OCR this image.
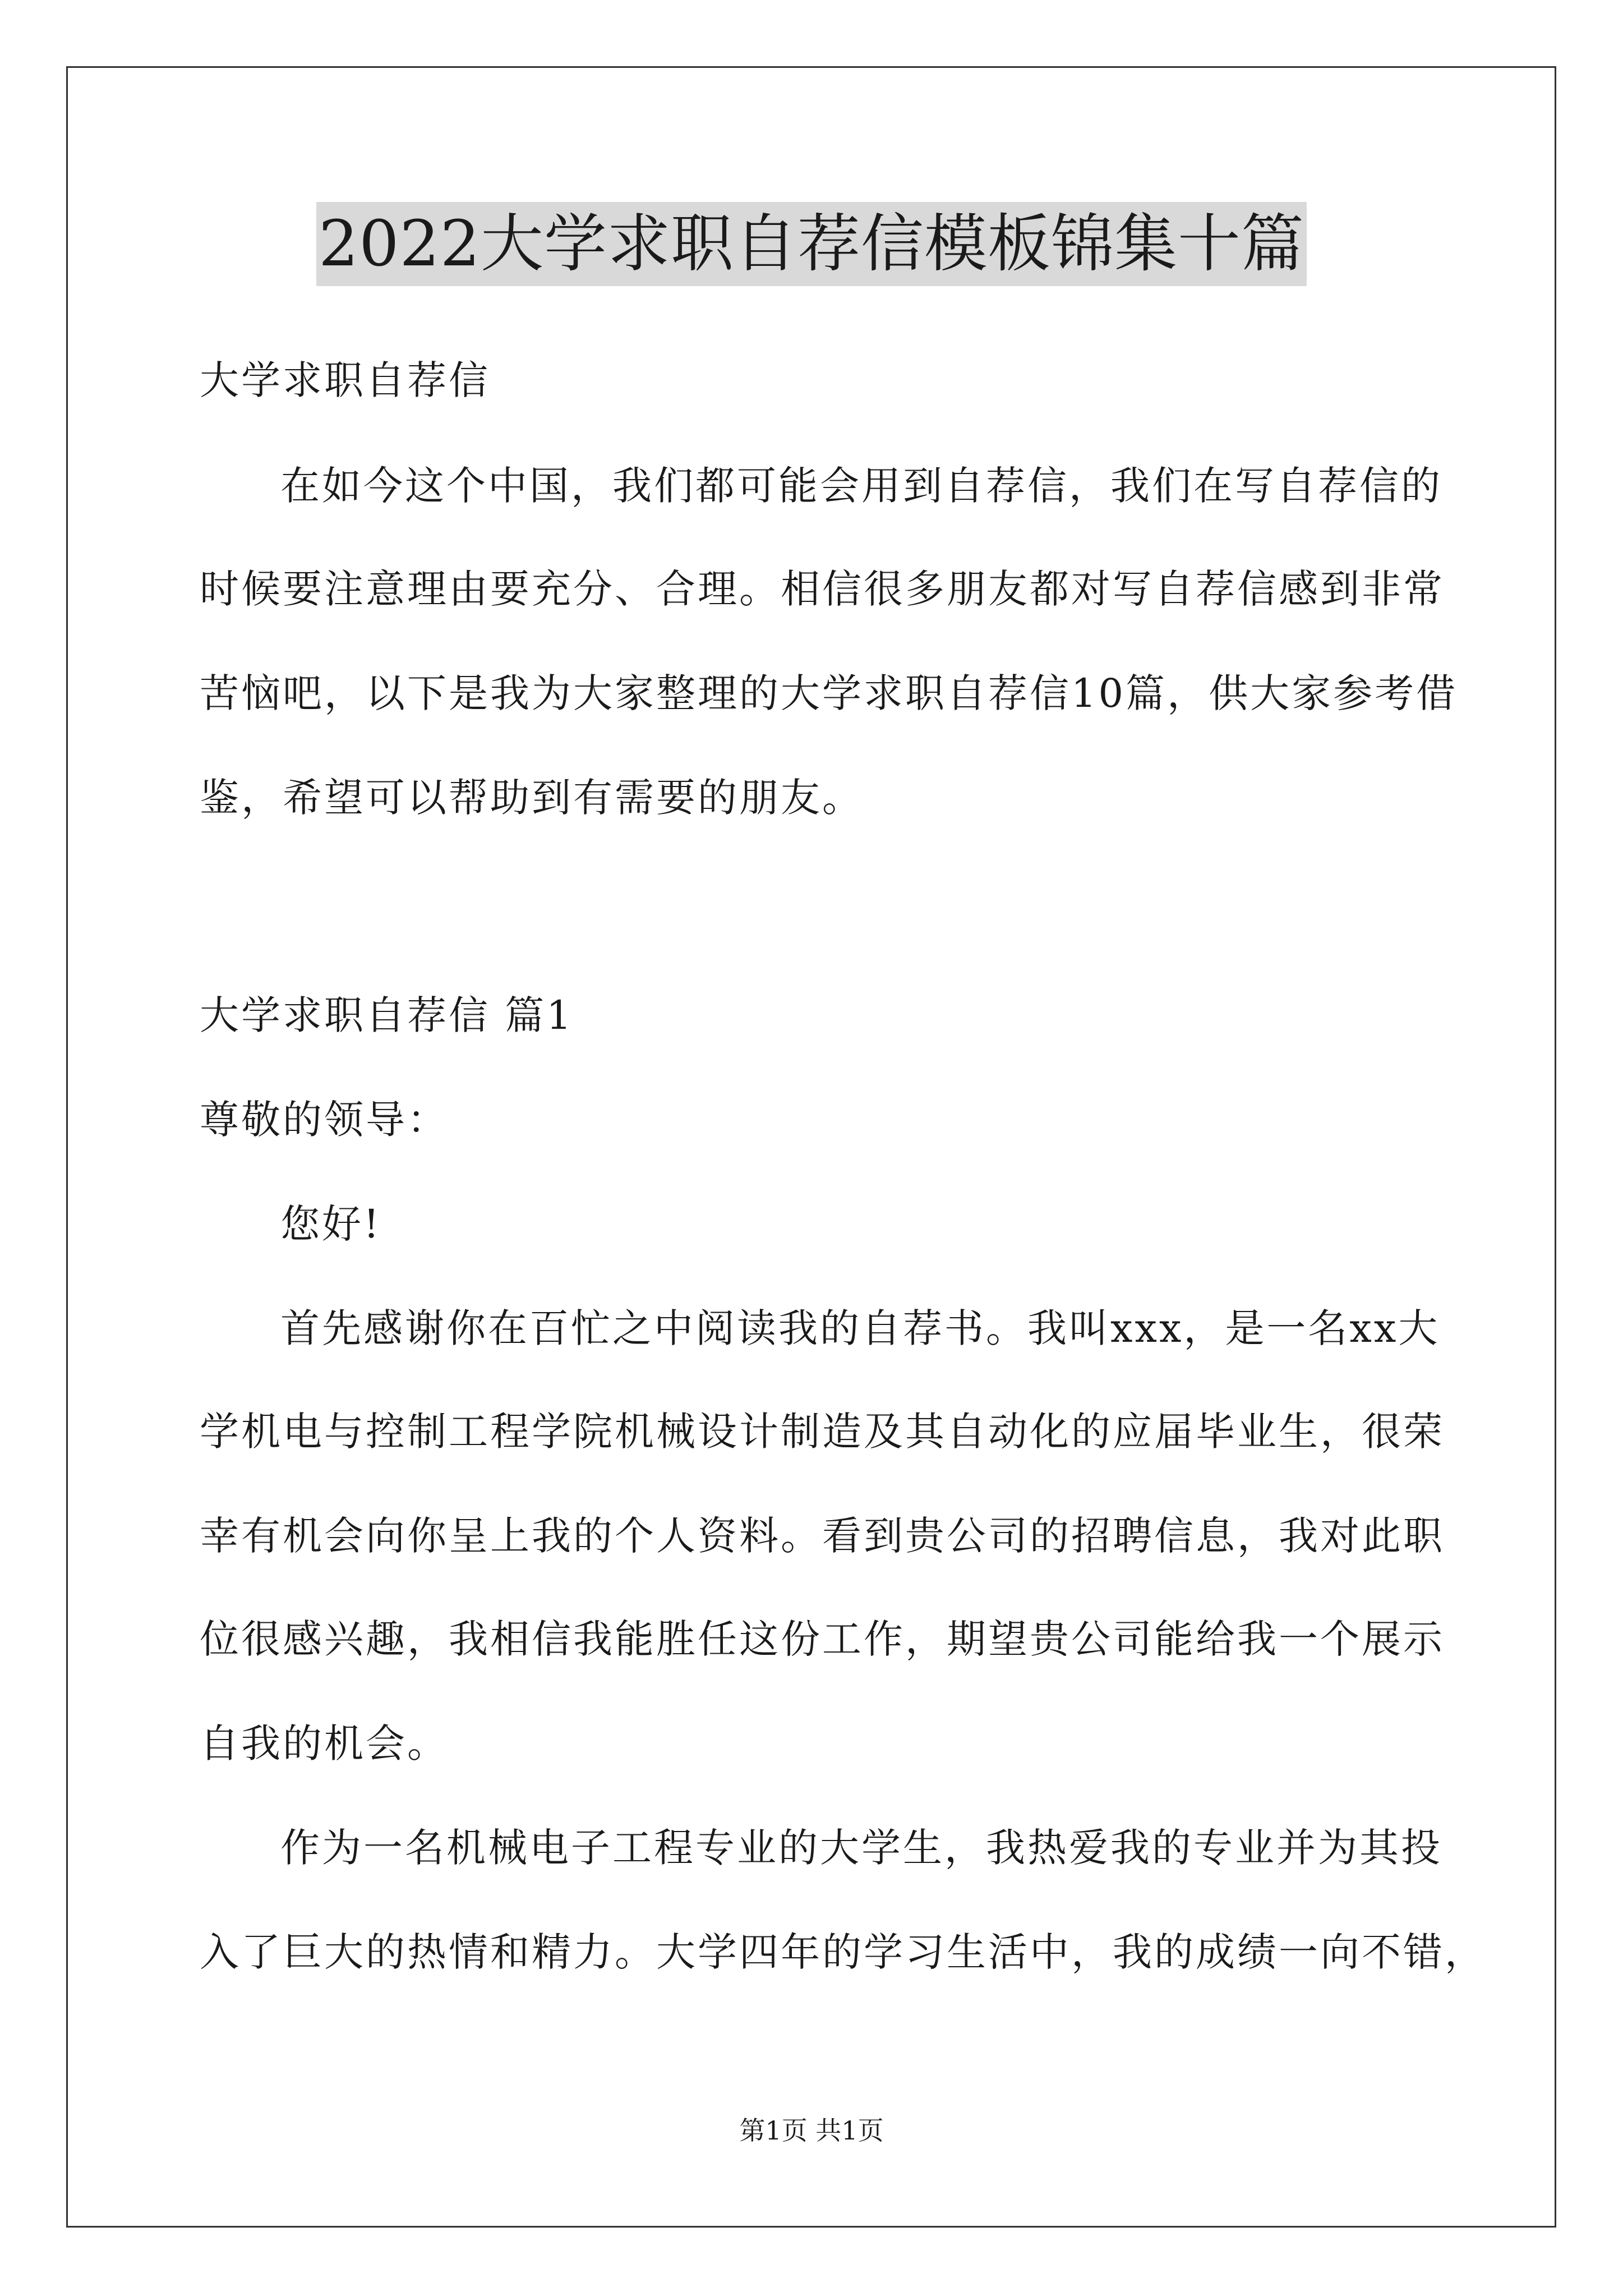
2022大学求职自荐信模板锦集十篇
大学求职自荐信
在如今这个中国，我们都可能会用到自荐信，我们在写自荐信的
时候要注意理由要充分、合理。相信很多朋友都对写自荐信感到非常
苦恼吧，以下是我为大家整理的大学求职自荐信10篇，供大家参考借
鉴，希望可以帮助到有需要的朋友。
大学求职自荐信 篇1
尊敬的领导：
您好!
首先感谢你在百忙之中阅读我的自荐书。我叫xxx，是一名xx大
学机电与控制工程学院机械设计制造及其自动化的应届毕业生，很荣
幸有机会向你呈上我的个人资料。看到贵公司的招聘信息，我对此职
位很感兴趣，我相信我能胜任这份工作，期望贵公司能给我一个展示
自我的机会。
作为一名机械电子工程专业的大学生，我热爱我的专业并为其投
入了巨大的热情和精力。大学四年的学习生活中，我的成绩一向不错，
第1页 共1页
